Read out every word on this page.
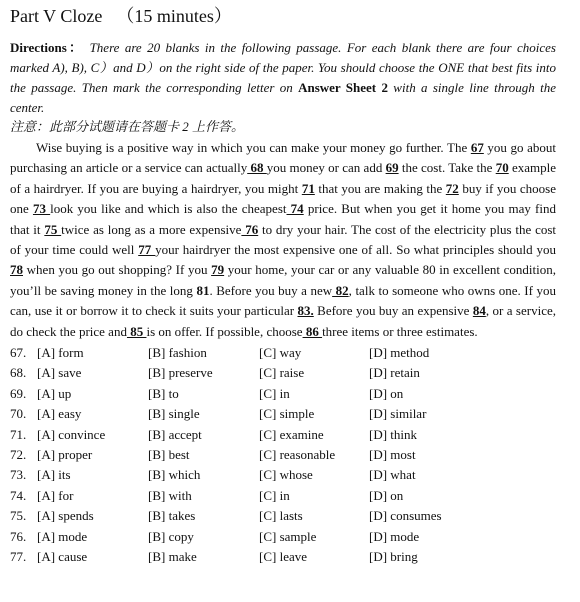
Part V Cloze （15 minutes）
Directions： There are 20 blanks in the following passage. For each blank there are four choices marked A), B), C）and D）on the right side of the paper. You should choose the ONE that best fits into the passage. Then mark the corresponding letter on Answer Sheet 2 with a single line through the center.
注意：此部分试题请在答题卡 2 上作答。

Wise buying is a positive way in which you can make your money go further. The 67 you go about purchasing an article or a service can actually 68 you money or can add 69 the cost. Take the 70 example of a hairdryer. If you are buying a hairdryer, you might 71 that you are making the 72 buy if you choose one 73 look you like and which is also the cheapest 74 price. But when you get it home you may find that it 75 twice as long as a more expensive 76 to dry your hair. The cost of the electricity plus the cost of your time could well 77 your hairdryer the most expensive one of all. So what principles should you 78 when you go out shopping? If you 79 your home, your car or any valuable 80 in excellent condition, you’ll be saving money in the long 81. Before you buy a new 82, talk to someone who owns one. If you can, use it or borrow it to check it suits your particular 83. Before you buy an expensive 84, or a service, do check the price and 85 is on offer. If possible, choose 86 three items or three estimates.

67. [A] form	[B] fashion	[C] way	[D] method
68. [A] save	[B] preserve	[C] raise	[D] retain
69. [A] up	[B] to	[C] in	[D] on
70. [A] easy	[B] single	[C] simple	[D] similar
71. [A] convince	[B] accept	[C] examine	[D] think
72. [A] proper	[B] best	[C] reasonable	[D] most
73. [A] its	[B] which	[C] whose	[D] what
74. [A] for	[B] with	[C] in	[D] on
75. [A] spends	[B] takes	[C] lasts	[D] consumes
76. [A] mode	[B] copy	[C] sample	[D] mode
77. [A] cause	[B] make	[C] leave	[D] bring
